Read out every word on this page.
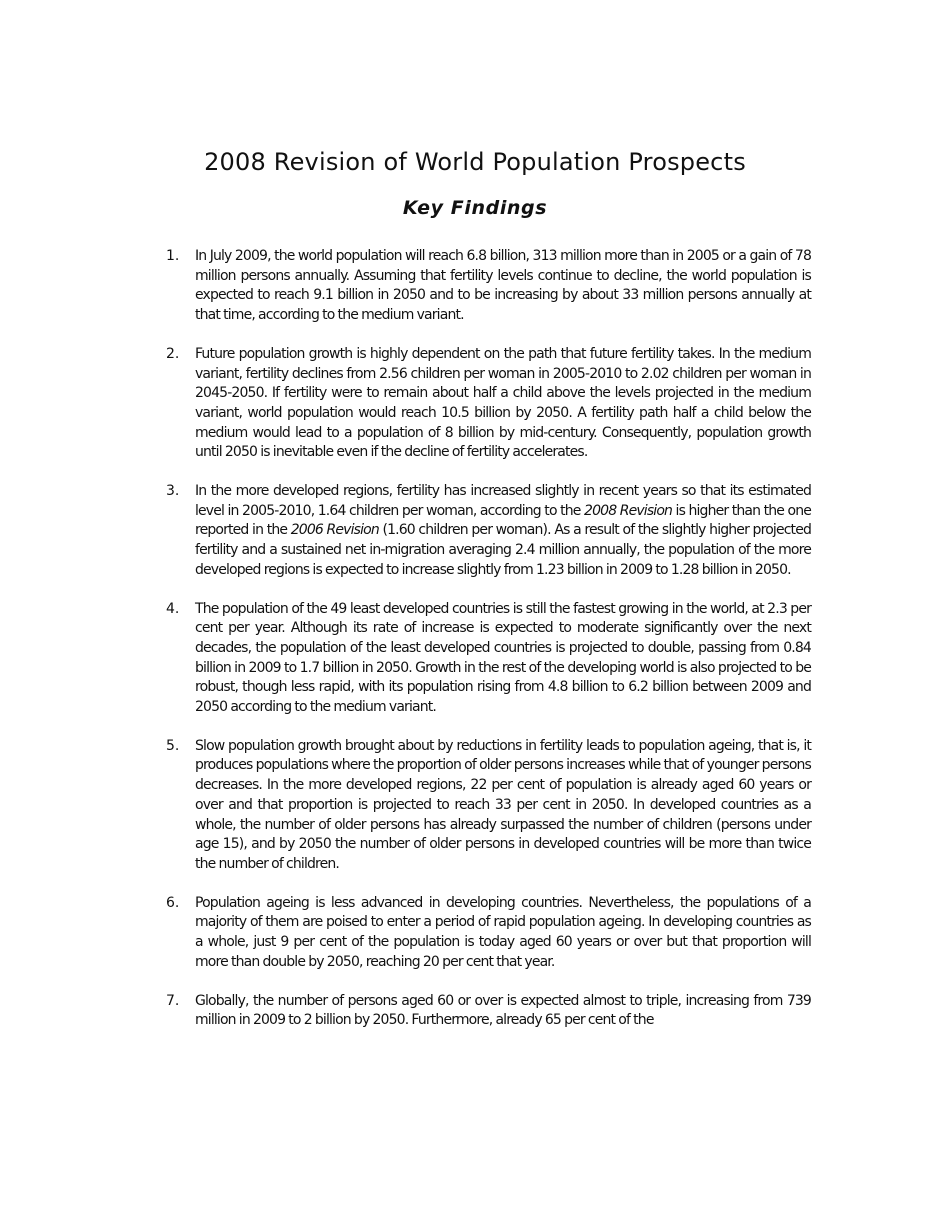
2008 Revision of World Population Prospects
Key Findings
1.	In July 2009, the world population will reach 6.8 billion, 313 million more than in 2005 or a gain of 78 million persons annually. Assuming that fertility levels continue to decline, the world population is expected to reach 9.1 billion in 2050 and to be increasing by about 33 million persons annually at that time, according to the medium variant.
2.	Future population growth is highly dependent on the path that future fertility takes. In the medium variant, fertility declines from 2.56 children per woman in 2005-2010 to 2.02 children per woman in 2045-2050. If fertility were to remain about half a child above the levels projected in the medium variant, world population would reach 10.5 billion by 2050. A fertility path half a child below the medium would lead to a population of 8 billion by mid-century. Consequently, population growth until 2050 is inevitable even if the decline of fertility accelerates.
3.	In the more developed regions, fertility has increased slightly in recent years so that its estimated level in 2005-2010, 1.64 children per woman, according to the 2008 Revision is higher than the one reported in the 2006 Revision (1.60 children per woman). As a result of the slightly higher projected fertility and a sustained net in-migration averaging 2.4 million annually, the population of the more developed regions is expected to increase slightly from 1.23 billion in 2009 to 1.28 billion in 2050.
4.	The population of the 49 least developed countries is still the fastest growing in the world, at 2.3 per cent per year. Although its rate of increase is expected to moderate significantly over the next decades, the population of the least developed countries is projected to double, passing from 0.84 billion in 2009 to 1.7 billion in 2050. Growth in the rest of the developing world is also projected to be robust, though less rapid, with its population rising from 4.8 billion to 6.2 billion between 2009 and 2050 according to the medium variant.
5.	Slow population growth brought about by reductions in fertility leads to population ageing, that is, it produces populations where the proportion of older persons increases while that of younger persons decreases. In the more developed regions, 22 per cent of population is already aged 60 years or over and that proportion is projected to reach 33 per cent in 2050. In developed countries as a whole, the number of older persons has already surpassed the number of children (persons under age 15), and by 2050 the number of older persons in developed countries will be more than twice the number of children.
6.	Population ageing is less advanced in developing countries. Nevertheless, the populations of a majority of them are poised to enter a period of rapid population ageing. In developing countries as a whole, just 9 per cent of the population is today aged 60 years or over but that proportion will more than double by 2050, reaching 20 per cent that year.
7.	Globally, the number of persons aged 60 or over is expected almost to triple, increasing from 739 million in 2009 to 2 billion by 2050. Furthermore, already 65 per cent of the
